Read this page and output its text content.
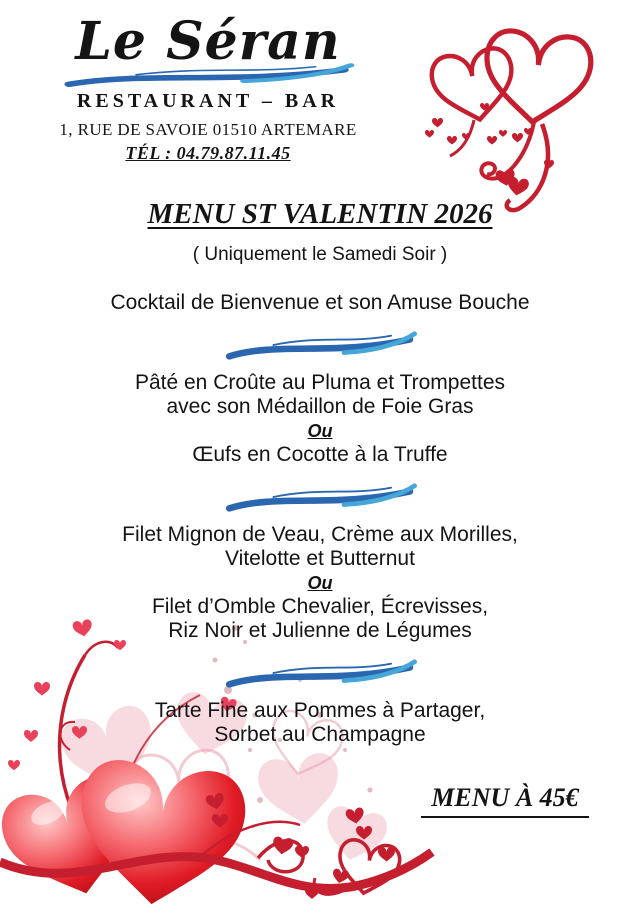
Le Séran
RESTAURANT – BAR
1, RUE DE SAVOIE 01510 ARTEMARE
TÉL : 04.79.87.11.45
MENU ST VALENTIN 2026
( Uniquement le Samedi Soir )
Cocktail de Bienvenue et son Amuse Bouche
Pâté en Croûte au Pluma et Trompettes
avec son Médaillon de Foie Gras
Ou
Œufs en Cocotte à la Truffe
Filet Mignon de Veau, Crème aux Morilles,
Vitelotte et Butternut
Ou
Filet d’Omble Chevalier, Écrevisses,
Riz Noir et Julienne de Légumes
Tarte Fine aux Pommes à Partager,
Sorbet au Champagne
MENU À 45€
